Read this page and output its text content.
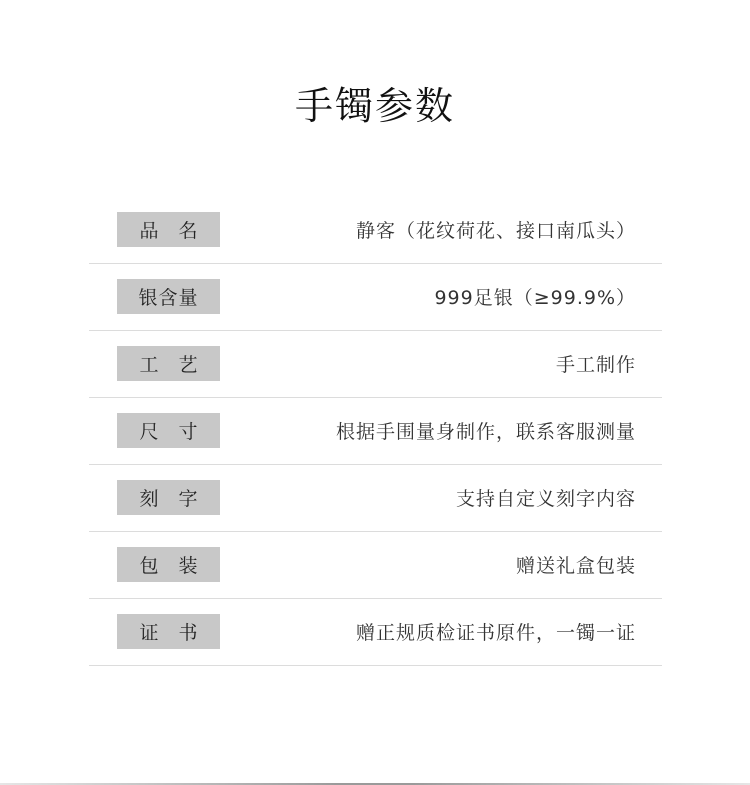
手镯参数
品名	静客（花纹荷花、接口南瓜头）
银含量	999足银（≥99.9%）
工艺	手工制作
尺寸	根据手围量身制作，联系客服测量
刻字	支持自定义刻字内容
包装	赠送礼盒包装
证书	赠正规质检证书原件，一镯一证
